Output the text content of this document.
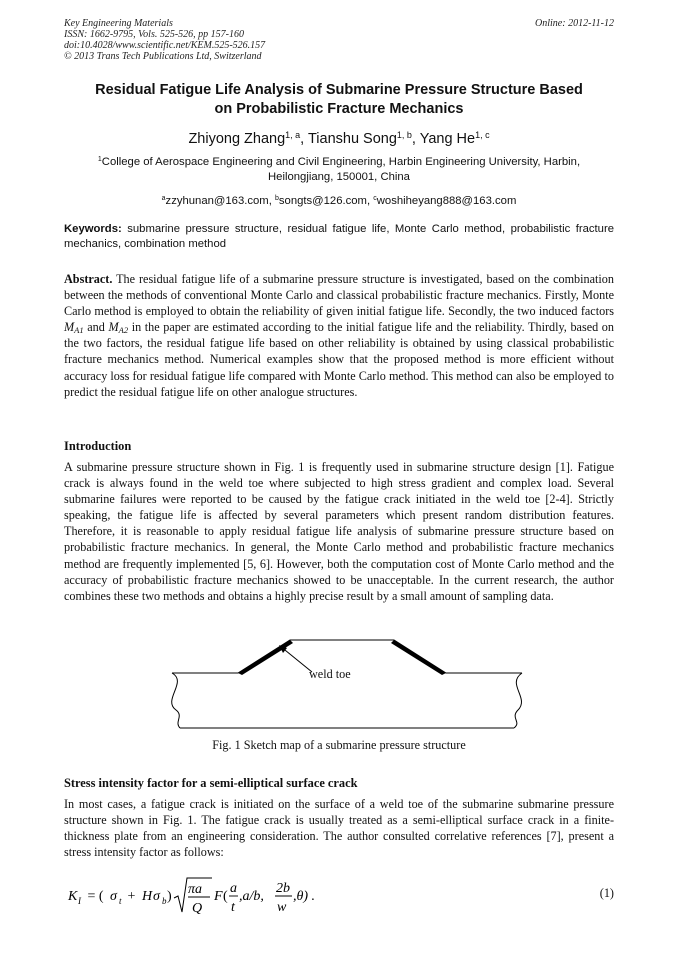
Key Engineering Materials
ISSN: 1662-9795, Vols. 525-526, pp 157-160
doi:10.4028/www.scientific.net/KEM.525-526.157
© 2013 Trans Tech Publications Ltd, Switzerland
Online: 2012-11-12
Residual Fatigue Life Analysis of Submarine Pressure Structure Based
on Probabilistic Fracture Mechanics
Zhiyong Zhang$^{1, a}$, Tianshu Song$^{1, b}$, Yang He$^{1, c}$
$^1$College of Aerospace Engineering and Civil Engineering, Harbin Engineering University, Harbin,
Heilongjiang, 150001, China
$^a$zzyhunan@163.com, $^b$songts@126.com, $^c$woshiheyang888@163.com
Keywords: submarine pressure structure, residual fatigue life, Monte Carlo method, probabilistic fracture mechanics, combination method
Abstract. The residual fatigue life of a submarine pressure structure is investigated, based on the combination between the methods of conventional Monte Carlo and classical probabilistic fracture mechanics. Firstly, Monte Carlo method is employed to obtain the reliability of given initial fatigue life. Secondly, the two induced factors $M_{A1}$ and $M_{A2}$ in the paper are estimated according to the initial fatigue life and the reliability. Thirdly, based on the two factors, the residual fatigue life based on other reliability is obtained by using classical probabilistic fracture mechanics method. Numerical examples show that the proposed method is more efficient without accuracy loss for residual fatigue life compared with Monte Carlo method. This method can also be employed to predict the residual fatigue life on other analogue structures.
Introduction
A submarine pressure structure shown in Fig. 1 is frequently used in submarine structure design [1]. Fatigue crack is always found in the weld toe where subjected to high stress gradient and complex load. Several submarine failures were reported to be caused by the fatigue crack initiated in the weld toe [2-4]. Strictly speaking, the fatigue life is affected by several parameters which present random distribution features. Therefore, it is reasonable to apply residual fatigue life analysis of submarine pressure structure based on probabilistic fracture mechanics. In general, the Monte Carlo method and probabilistic fracture mechanics method are frequently implemented [5, 6]. However, both the computation cost of Monte Carlo method and the accuracy of probabilistic fracture mechanics showed to be unacceptable. In the current research, the author combines these two methods and obtains a highly precise result by a small amount of sampling data.
weld toe
Fig. 1 Sketch map of a submarine pressure structure
Stress intensity factor for a semi-elliptical surface crack
In most cases, a fatigue crack is initiated on the surface of a weld toe of the submarine submarine pressure structure shown in Fig. 1. The fatigue crack is usually treated as a semi-elliptical surface crack in a finite-thickness plate from an engineering consideration. The author consulted correlative references [7], present a stress intensity factor as follows:
K I = ( σ t + H σ b ) πa
Q
F (
a
t
,a/b,
2b
w
,θ) .	(1)
